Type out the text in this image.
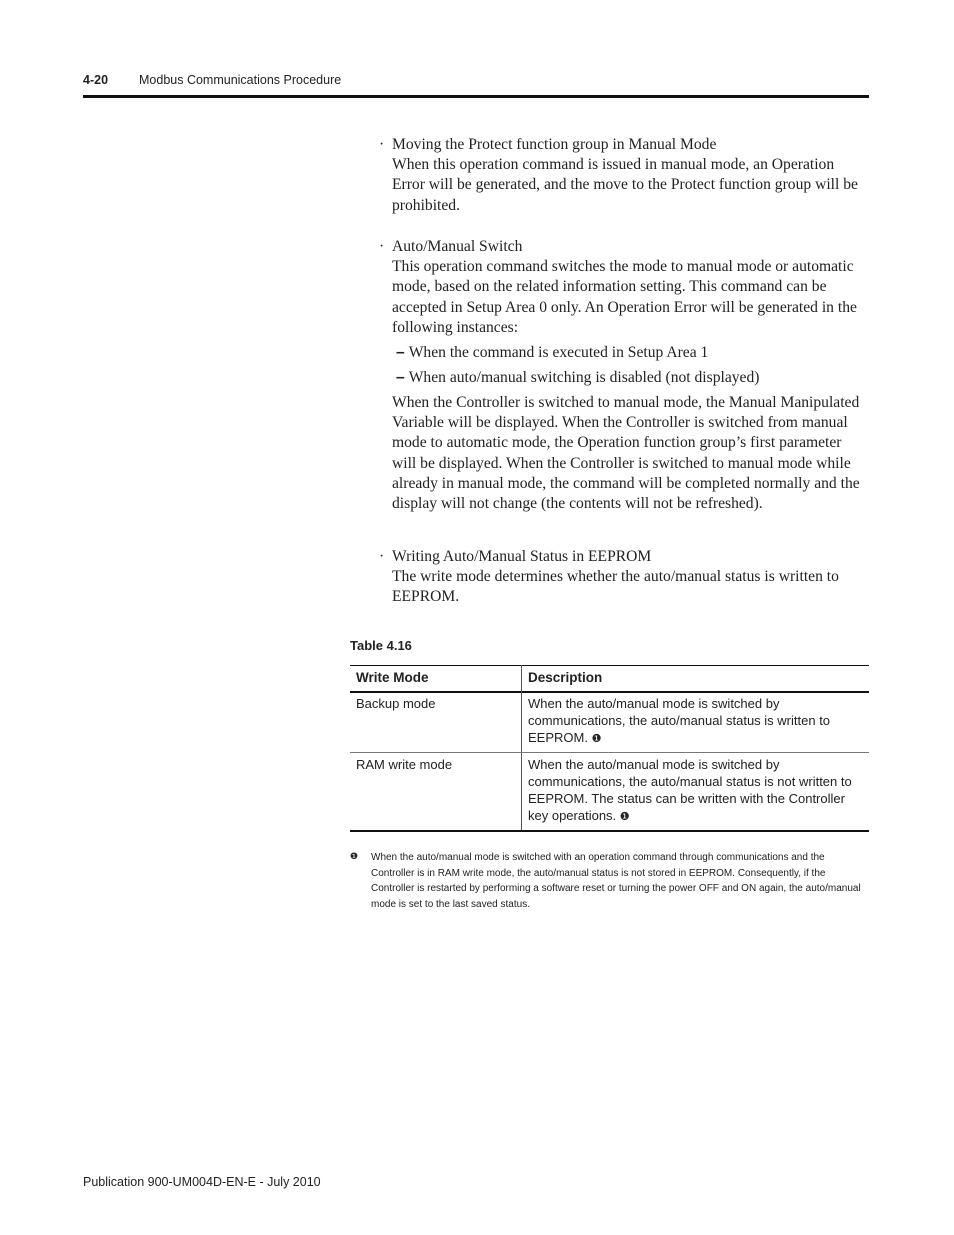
4-20 Modbus Communications Procedure
· Moving the Protect function group in Manual Mode

When this operation command is issued in manual mode, an Operation Error will be generated, and the move to the Protect function group will be prohibited.

· Auto/Manual Switch

This operation command switches the mode to manual mode or automatic mode, based on the related information setting. This command can be accepted in Setup Area 0 only. An Operation Error will be generated in the following instances:

– When the command is executed in Setup Area 1
– When auto/manual switching is disabled (not displayed)

When the Controller is switched to manual mode, the Manual Manipulated Variable will be displayed. When the Controller is switched from manual mode to automatic mode, the Operation function group’s first parameter will be displayed. When the Controller is switched to manual mode while already in manual mode, the command will be completed normally and the display will not change (the contents will not be refreshed).

· Writing Auto/Manual Status in EEPROM

The write mode determines whether the auto/manual status is written to EEPROM.

Table 4.16
Write Mode	Description
Backup mode	When the auto/manual mode is switched by communications, the auto/manual status is written to EEPROM. ❶
RAM write mode	When the auto/manual mode is switched by communications, the auto/manual status is not written to EEPROM. The status can be written with the Controller key operations. ❶
❶ When the auto/manual mode is switched with an operation command through communications and the Controller is in RAM write mode, the auto/manual status is not stored in EEPROM. Consequently, if the Controller is restarted by performing a software reset or turning the power OFF and ON again, the auto/manual mode is set to the last saved status.
Publication 900-UM004D-EN-E - July 2010
